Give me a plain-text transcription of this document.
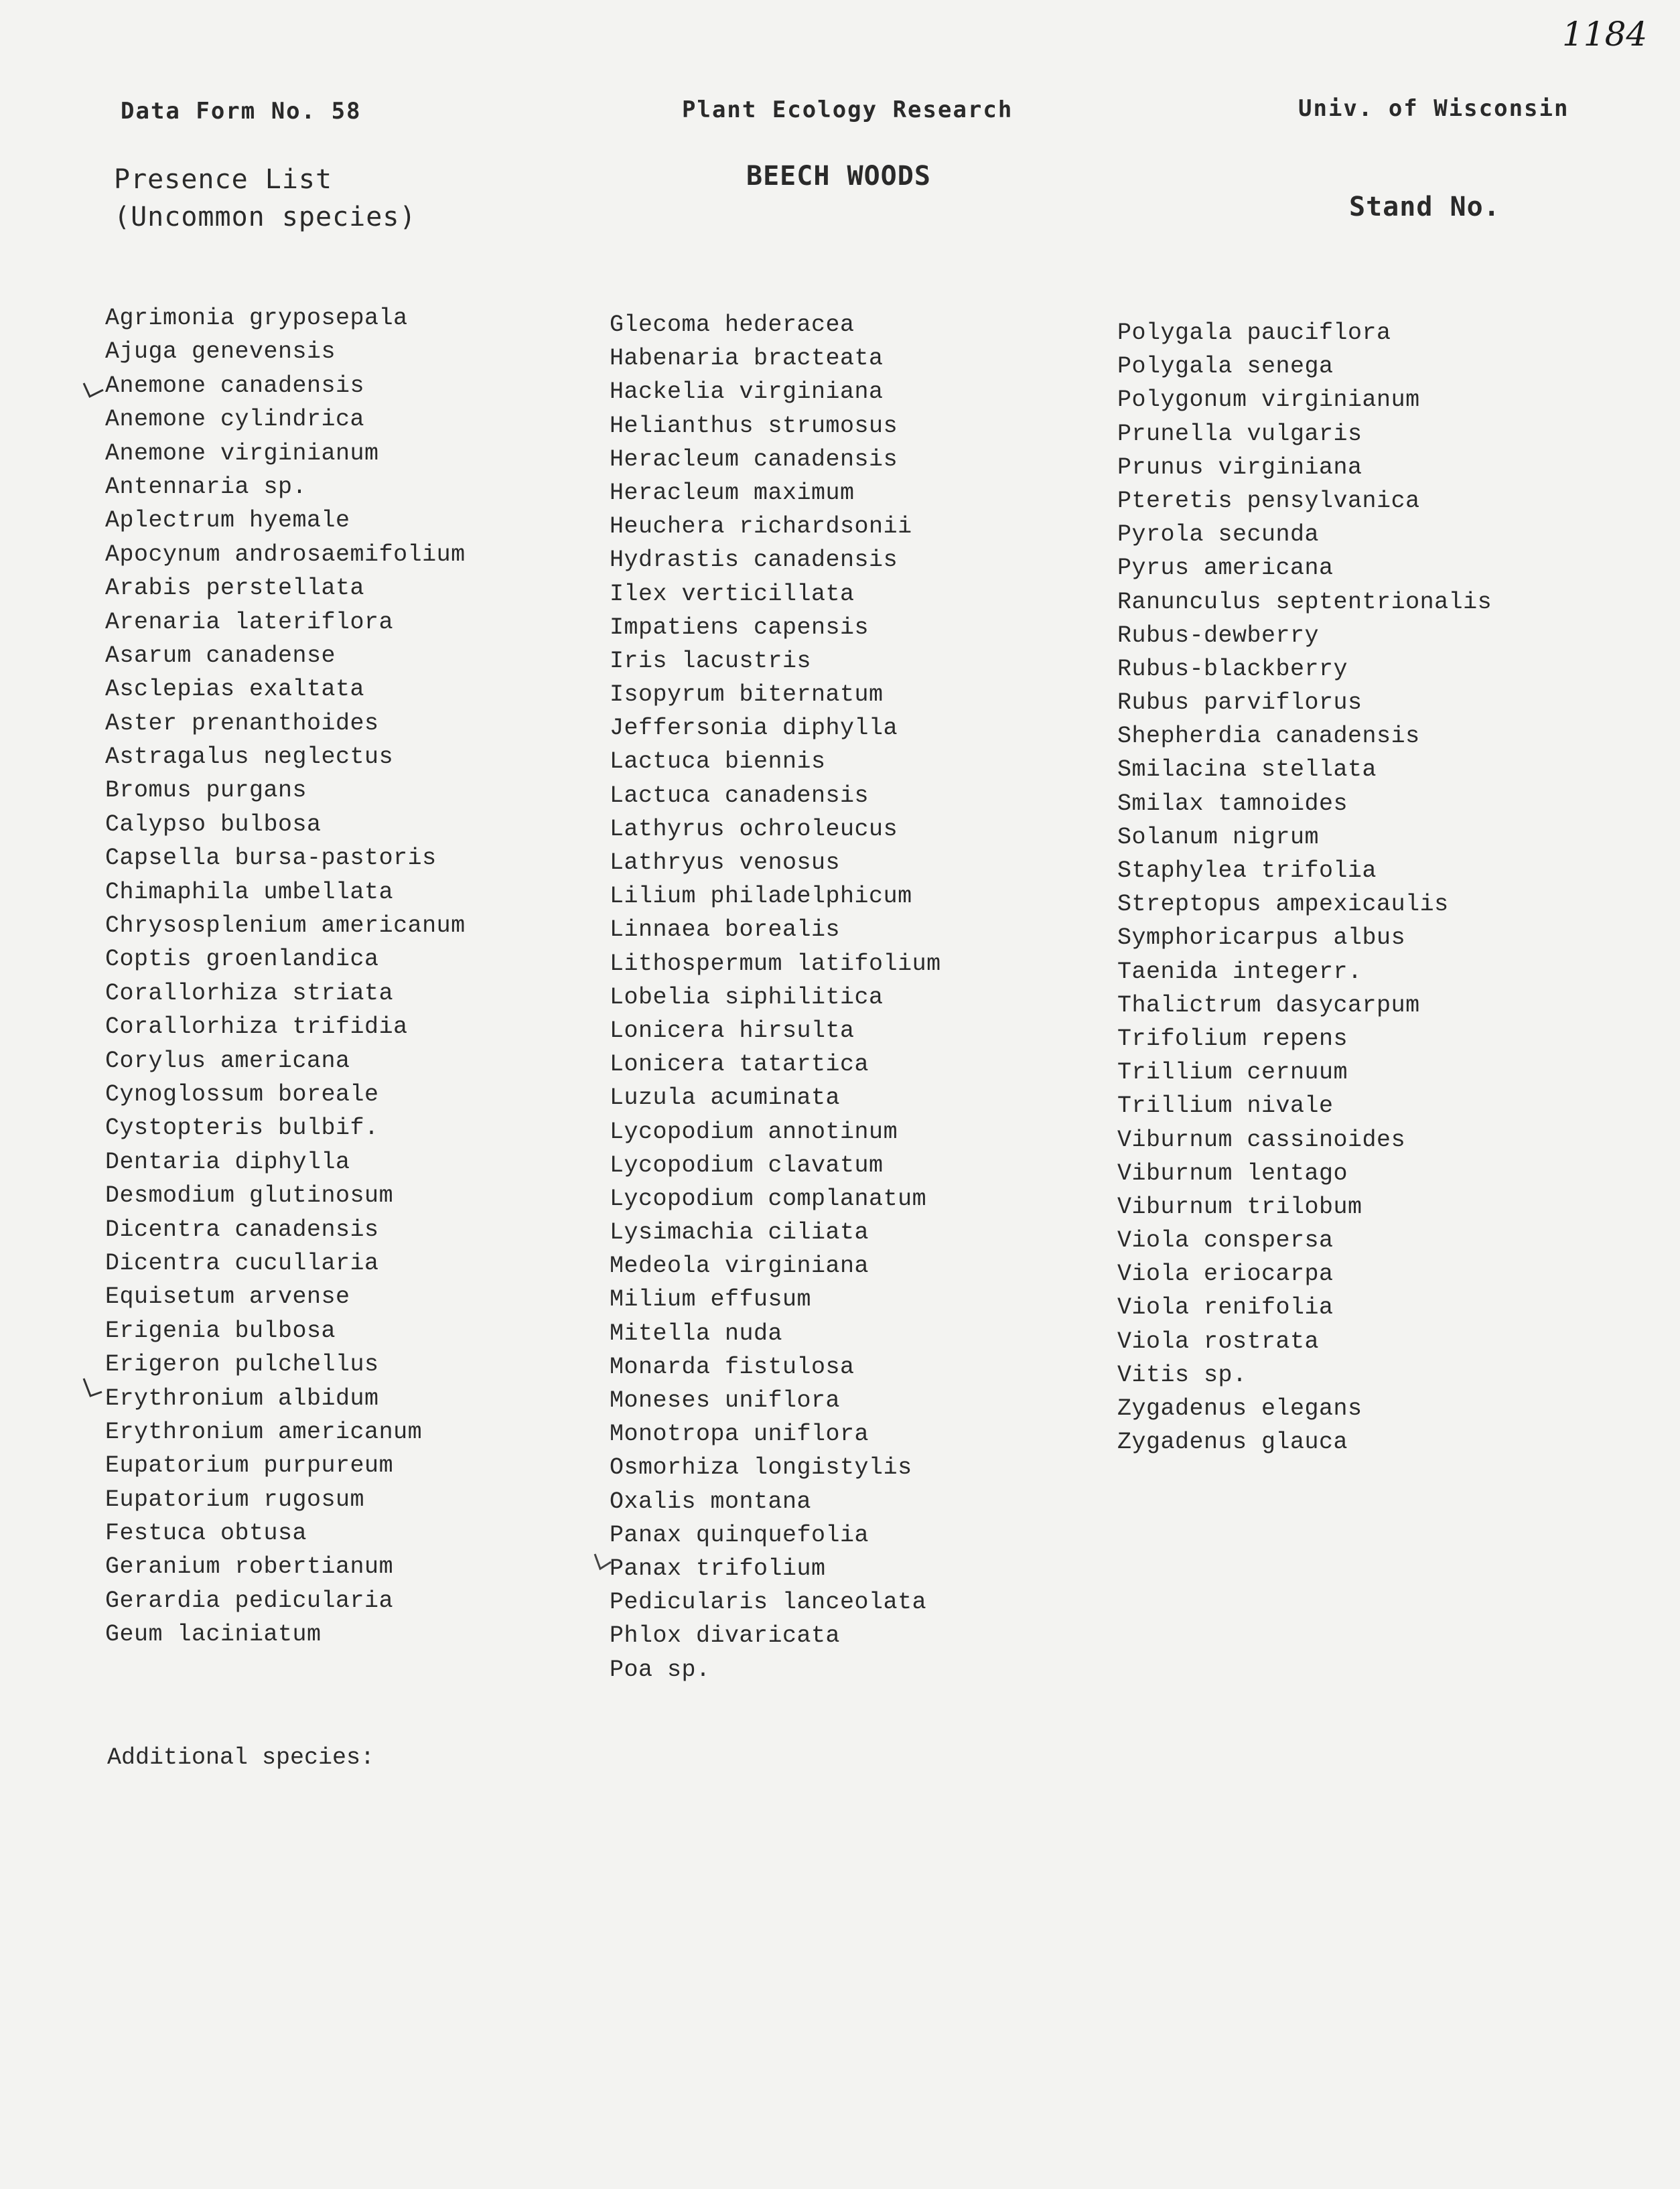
1184
Data Form No. 58	Plant Ecology Research	Univ. of Wisconsin
Presence List
(Uncommon species)
BEECH WOODS
Stand No.
Agrimonia gryposepala
Ajuga genevensis
Anemone canadensis
Anemone cylindrica
Anemone virginianum
Antennaria sp.
Aplectrum hyemale
Apocynum androsaemifolium
Arabis perstellata
Arenaria lateriflora
Asarum canadense
Asclepias exaltata
Aster prenanthoides
Astragalus neglectus
Bromus purgans
Calypso bulbosa
Capsella bursa-pastoris
Chimaphila umbellata
Chrysosplenium americanum
Coptis groenlandica
Corallorhiza striata
Corallorhiza trifidia
Corylus americana
Cynoglossum boreale
Cystopteris bulbif.
Dentaria diphylla
Desmodium glutinosum
Dicentra canadensis
Dicentra cucullaria
Equisetum arvense
Erigenia bulbosa
Erigeron pulchellus
Erythronium albidum
Erythronium americanum
Eupatorium purpureum
Eupatorium rugosum
Festuca obtusa
Geranium robertianum
Gerardia pedicularia
Geum laciniatum
Glecoma hederacea
Habenaria bracteata
Hackelia virginiana
Helianthus strumosus
Heracleum canadensis
Heracleum maximum
Heuchera richardsonii
Hydrastis canadensis
Ilex verticillata
Impatiens capensis
Iris lacustris
Isopyrum biternatum
Jeffersonia diphylla
Lactuca biennis
Lactuca canadensis
Lathyrus ochroleucus
Lathryus venosus
Lilium philadelphicum
Linnaea borealis
Lithospermum latifolium
Lobelia siphilitica
Lonicera hirsulta
Lonicera tatartica
Luzula acuminata
Lycopodium annotinum
Lycopodium clavatum
Lycopodium complanatum
Lysimachia ciliata
Medeola virginiana
Milium effusum
Mitella nuda
Monarda fistulosa
Moneses uniflora
Monotropa uniflora
Osmorhiza longistylis
Oxalis montana
Panax quinquefolia
Panax trifolium
Pedicularis lanceolata
Phlox divaricata
Poa sp.
Polygala pauciflora
Polygala senega
Polygonum virginianum
Prunella vulgaris
Prunus virginiana
Pteretis pensylvanica
Pyrola secunda
Pyrus americana
Ranunculus septentrionalis
Rubus-dewberry
Rubus-blackberry
Rubus parviflorus
Shepherdia canadensis
Smilacina stellata
Smilax tamnoides
Solanum nigrum
Staphylea trifolia
Streptopus ampexicaulis
Symphoricarpus albus
Taenida integerr.
Thalictrum dasycarpum
Trifolium repens
Trillium cernuum
Trillium nivale
Viburnum cassinoides
Viburnum lentago
Viburnum trilobum
Viola conspersa
Viola eriocarpa
Viola renifolia
Viola rostrata
Vitis sp.
Zygadenus elegans
Zygadenus glauca
Additional species:
